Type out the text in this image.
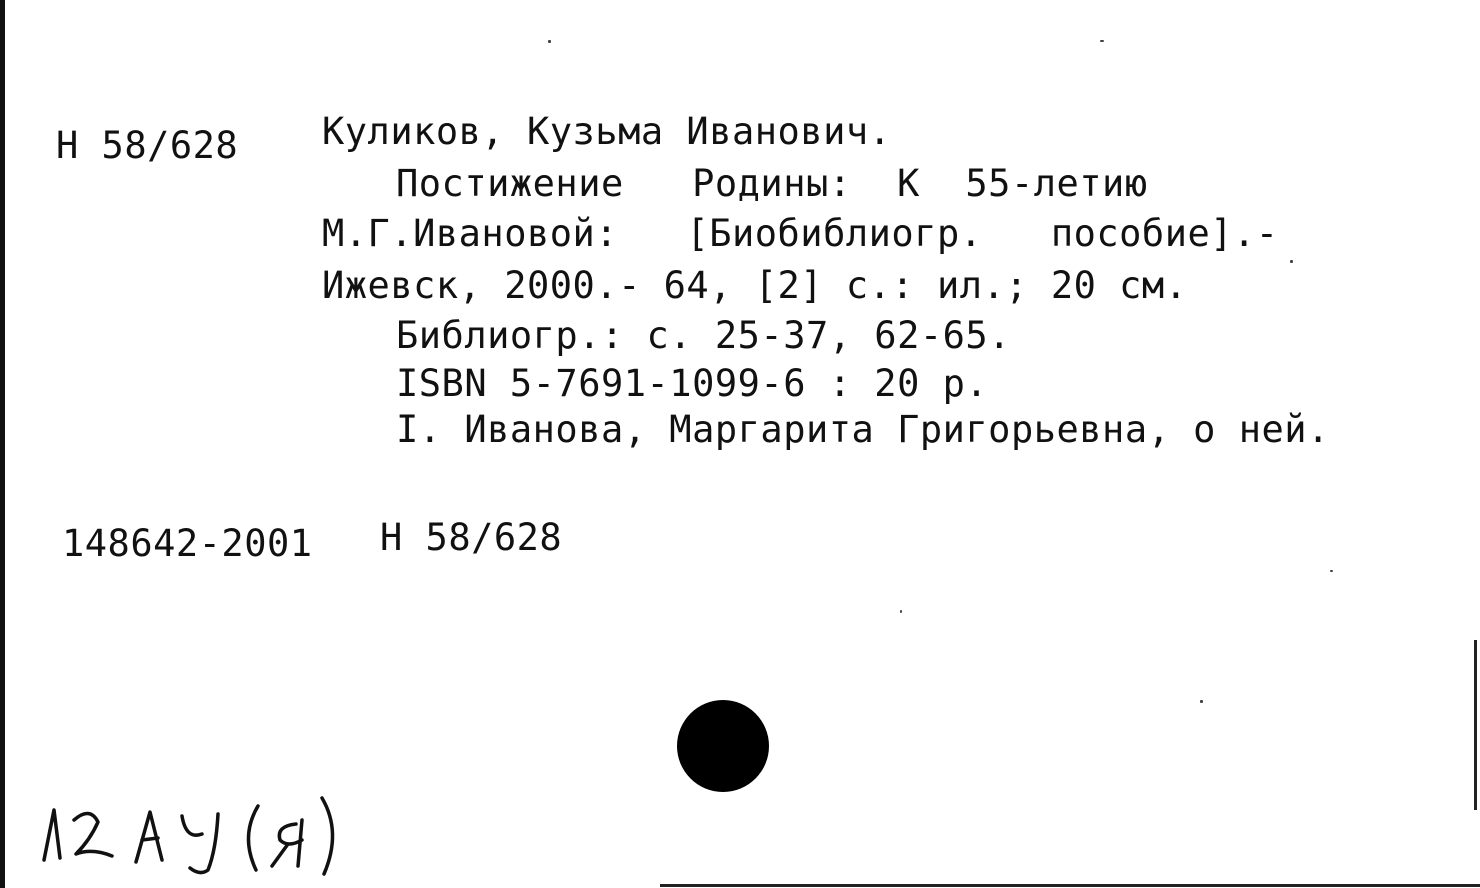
Н 58/628 Куликов, Кузьма Иванович.
Постижение   Родины:  К  55-летию
М.Г.Ивановой:   [Биобиблиогр.   пособие].-
Ижевск, 2000.- 64, [2] с.: ил.; 20 см.
Библиогр.: с. 25-37, 62-65.
ISBN 5-7691-1099-6 : 20 р.
I. Иванова, Маргарита Григорьевна, о ней.
148642-2001 Н 58/628
